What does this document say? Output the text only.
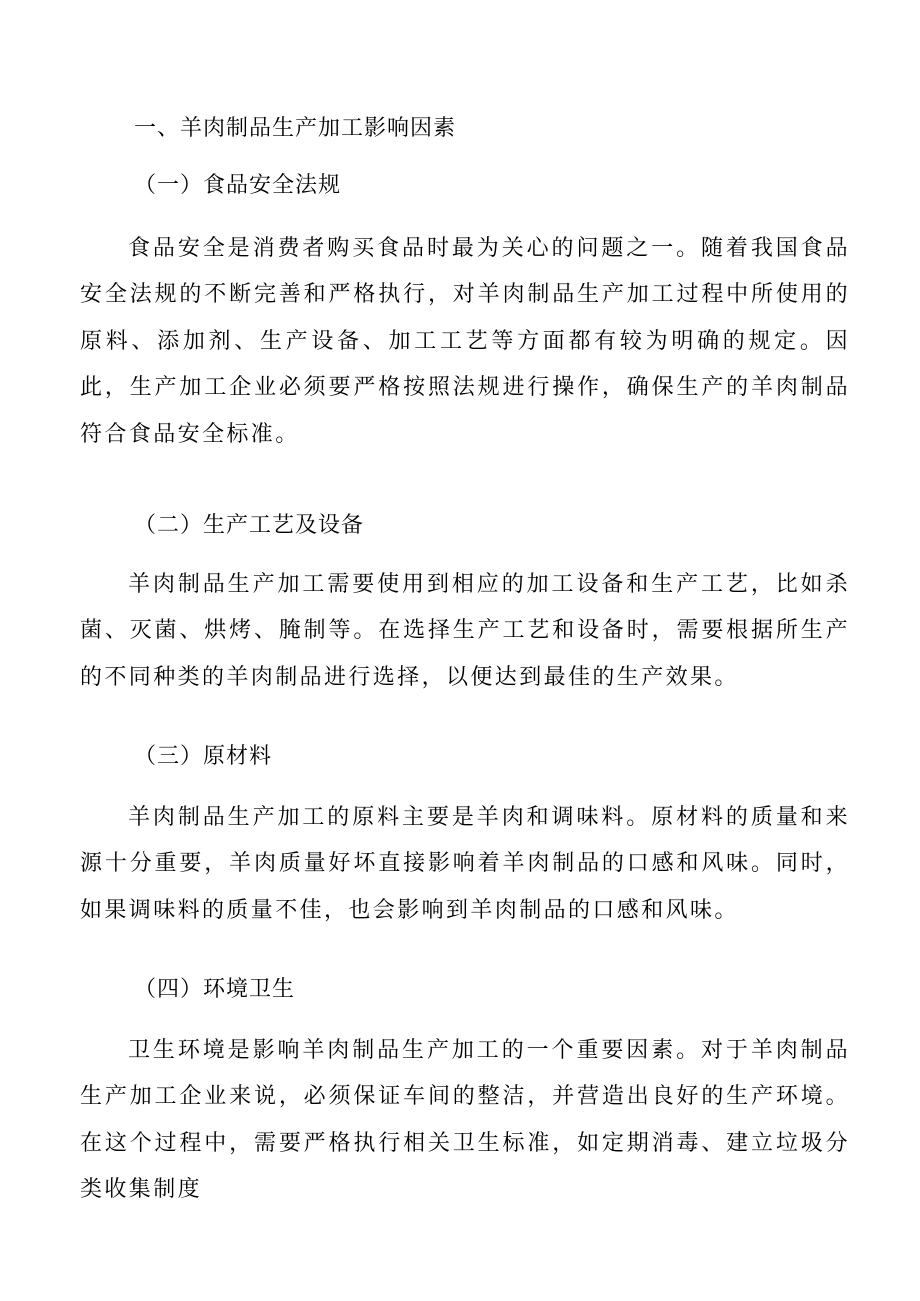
一、羊肉制品生产加工影响因素
（一）食品安全法规

食品安全是消费者购买食品时最为关心的问题之一。随着我国食品安全法规的不断完善和严格执行，对羊肉制品生产加工过程中所使用的原料、添加剂、生产设备、加工工艺等方面都有较为明确的规定。因此，生产加工企业必须要严格按照法规进行操作，确保生产的羊肉制品符合食品安全标准。

（二）生产工艺及设备

羊肉制品生产加工需要使用到相应的加工设备和生产工艺，比如杀菌、灭菌、烘烤、腌制等。在选择生产工艺和设备时，需要根据所生产的不同种类的羊肉制品进行选择，以便达到最佳的生产效果。

（三）原材料

羊肉制品生产加工的原料主要是羊肉和调味料。原材料的质量和来源十分重要，羊肉质量好坏直接影响着羊肉制品的口感和风味。同时，如果调味料的质量不佳，也会影响到羊肉制品的口感和风味。

（四）环境卫生

卫生环境是影响羊肉制品生产加工的一个重要因素。对于羊肉制品生产加工企业来说，必须保证车间的整洁，并营造出良好的生产环境。在这个过程中，需要严格执行相关卫生标准，如定期消毒、建立垃圾分类收集制度
